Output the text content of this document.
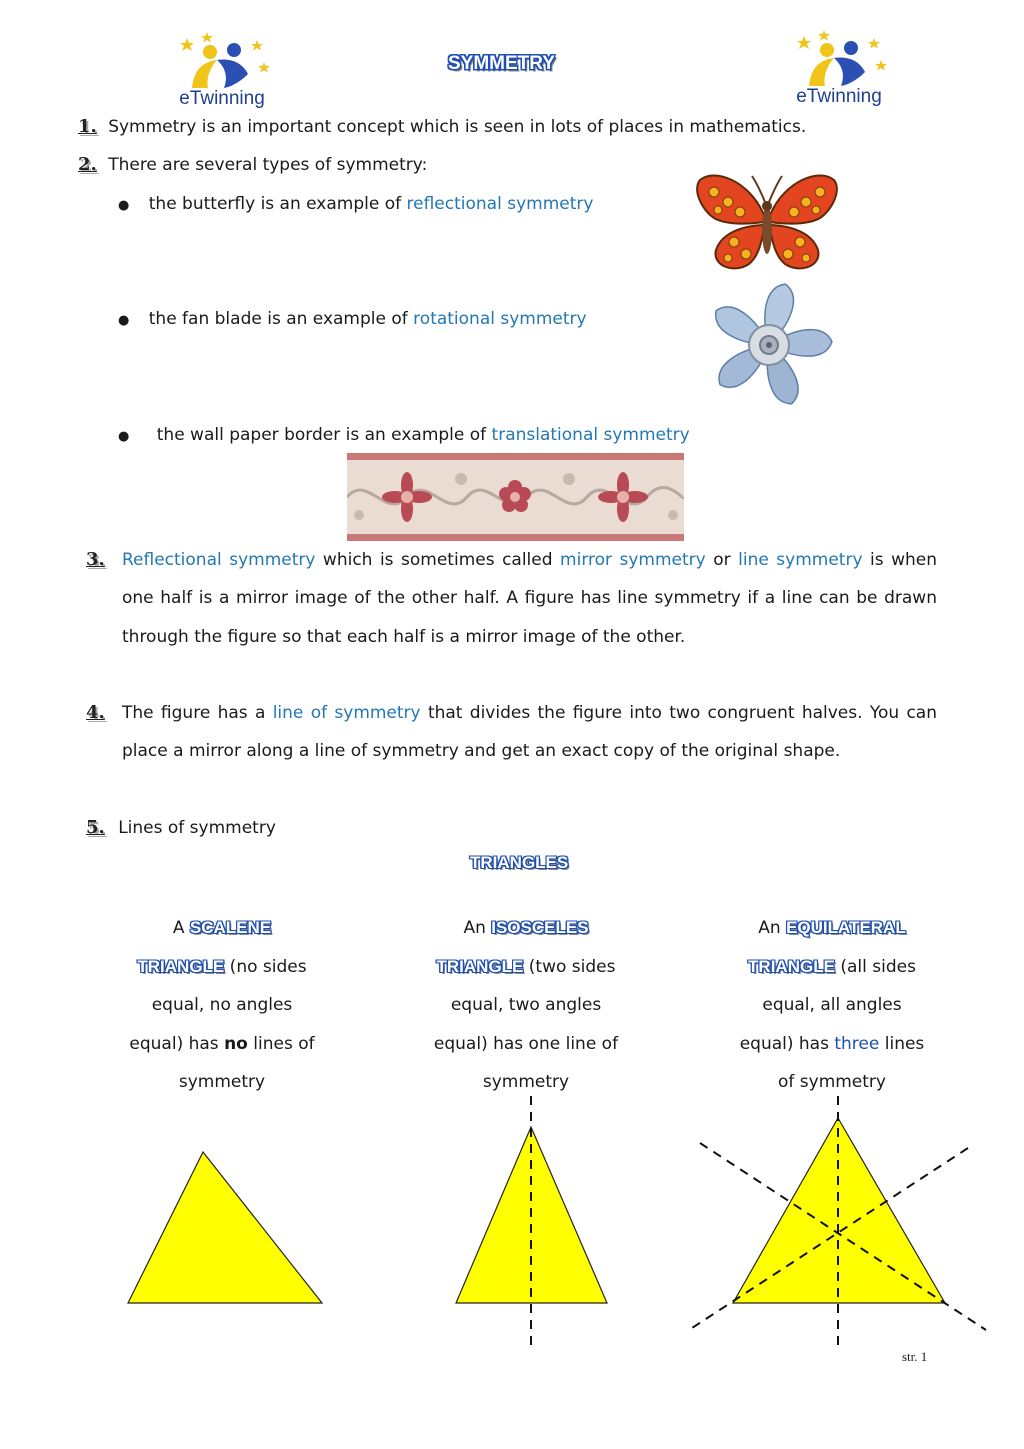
eTwinning	eTwinning
SYMMETRY
1. Symmetry is an important concept which is seen in lots of places in mathematics.
2. There are several types of symmetry:
● the butterfly is an example of reflectional symmetry
● the fan blade is an example of rotational symmetry
● the wall paper border is an example of translational symmetry
3. Reflectional symmetry which is sometimes called mirror symmetry or line symmetry is when one half is a mirror image of the other half. A figure has line symmetry if a line can be drawn through the figure so that each half is a mirror image of the other.
4. The figure has a line of symmetry that divides the figure into two congruent halves. You can place a mirror along a line of symmetry and get an exact copy of the original shape.
5. Lines of symmetry
TRIANGLES
A SCALENE
TRIANGLE (no sides
equal, no angles
equal) has no lines of
symmetry
An ISOSCELES
TRIANGLE (two sides
equal, two angles
equal) has one line of
symmetry
An EQUILATERAL
TRIANGLE (all sides
equal, all angles
equal) has three lines
of symmetry
str. 1
